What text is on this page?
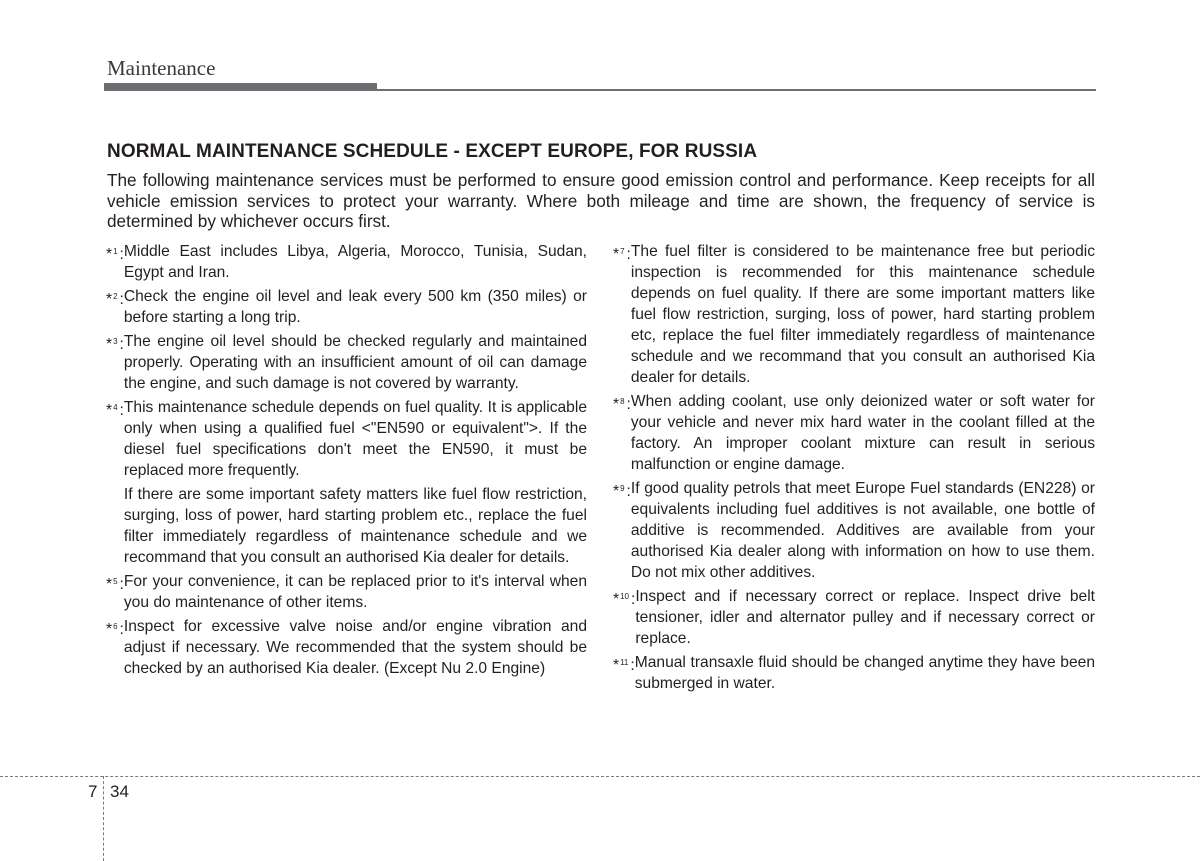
Maintenance
NORMAL MAINTENANCE SCHEDULE - EXCEPT EUROPE, FOR RUSSIA
The following maintenance services must be performed to ensure good emission control and performance. Keep receipts for all vehicle emission services to protect your warranty. Where both mileage and time are shown, the frequency of service is determined by whichever occurs first.
*$^1$ : Middle East includes Libya, Algeria, Morocco, Tunisia, Sudan, Egypt and Iran.

*$^2$ : Check the engine oil level and leak every 500 km (350 miles) or before starting a long trip.

*$^3$ : The engine oil level should be checked regularly and maintained properly. Operating with an insufficient amount of oil can damage the engine, and such damage is not covered by warranty.

*$^4$ : This maintenance schedule depends on fuel quality. It is applicable only when using a qualified fuel <"EN590 or equivalent">. If the diesel fuel specifications don't meet the EN590, it must be replaced more frequently.

If there are some important safety matters like fuel flow restriction, surging, loss of power, hard starting problem etc., replace the fuel filter immediately regardless of maintenance schedule and we recommand that you consult an authorised Kia dealer for details.

*$^5$ : For your convenience, it can be replaced prior to it's interval when you do maintenance of other items.

*$^6$ : Inspect for excessive valve noise and/or engine vibration and adjust if necessary. We recommended that the system should be checked by an authorised Kia dealer. (Except Nu 2.0 Engine)

*$^7$ : The fuel filter is considered to be maintenance free but periodic inspection is recommended for this maintenance schedule depends on fuel quality. If there are some important matters like fuel flow restriction, surging, loss of power, hard starting problem etc, replace the fuel filter immediately regardless of maintenance schedule and we recommand that you consult an authorised Kia dealer for details.

*$^8$ : When adding coolant, use only deionized water or soft water for your vehicle and never mix hard water in the coolant filled at the factory. An improper coolant mixture can result in serious malfunction or engine damage.

*$^9$ : If good quality petrols that meet Europe Fuel standards (EN228) or equivalents including fuel additives is not available, one bottle of additive is recommended. Additives are available from your authorised Kia dealer along with information on how to use them. Do not mix other additives.

*$^{10}$ : Inspect and if necessary correct or replace. Inspect drive belt tensioner, idler and alternator pulley and if necessary correct or replace.

*$^{11}$ : Manual transaxle fluid should be changed anytime they have been submerged in water.

7 34
